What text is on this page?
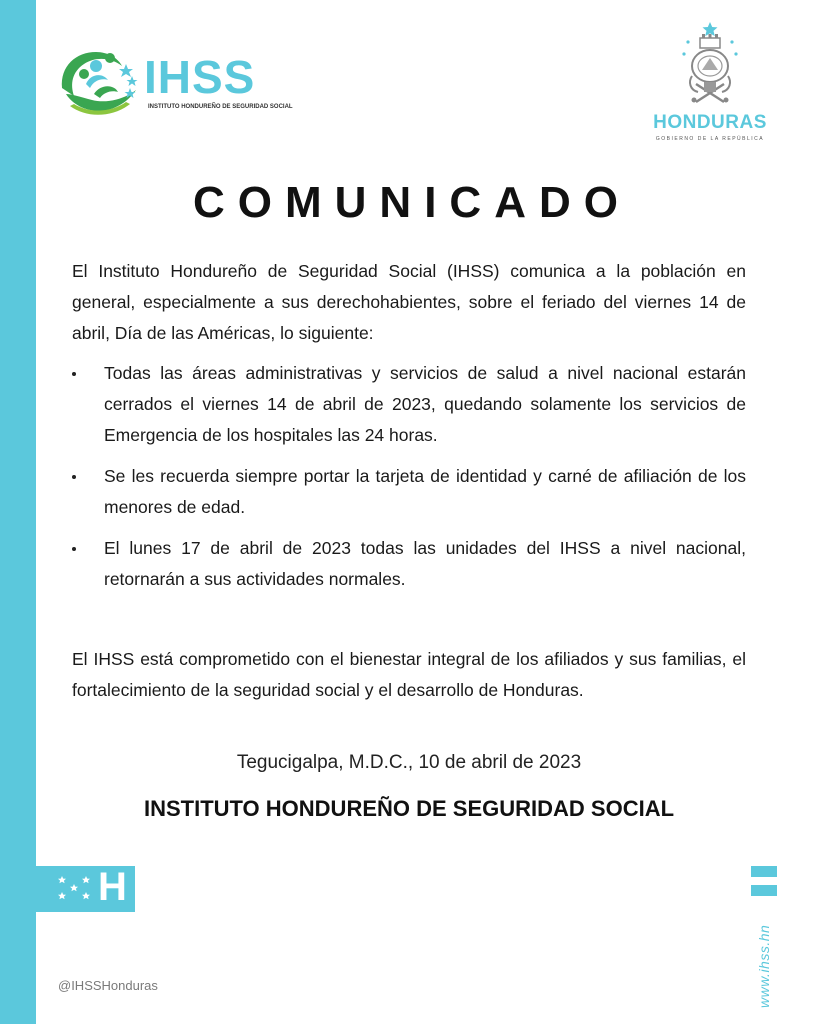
IHSS
INSTITUTO HONDUREÑO DE SEGURIDAD SOCIAL
HONDURAS
GOBIERNO DE LA REPÚBLICA
COMUNICADO
El Instituto Hondureño de Seguridad Social (IHSS) comunica a la población en general, especialmente a sus derechohabientes, sobre el feriado del viernes 14 de abril, Día de las Américas, lo siguiente:
Todas las áreas administrativas y servicios de salud a nivel nacional estarán cerrados el viernes 14 de abril de 2023, quedando solamente los servicios de Emergencia de los hospitales las 24 horas.
Se les recuerda siempre portar la tarjeta de identidad y carné de afiliación de los menores de edad.
El lunes 17 de abril de 2023 todas las unidades del IHSS a nivel nacional, retornarán a sus actividades normales.
El IHSS está comprometido con el bienestar integral de los afiliados y sus familias, el fortalecimiento de la seguridad social y el desarrollo de Honduras.
Tegucigalpa, M.D.C., 10 de abril de 2023
INSTITUTO HONDUREÑO DE SEGURIDAD SOCIAL
H
@IHSSHonduras	www.ihss.hn
